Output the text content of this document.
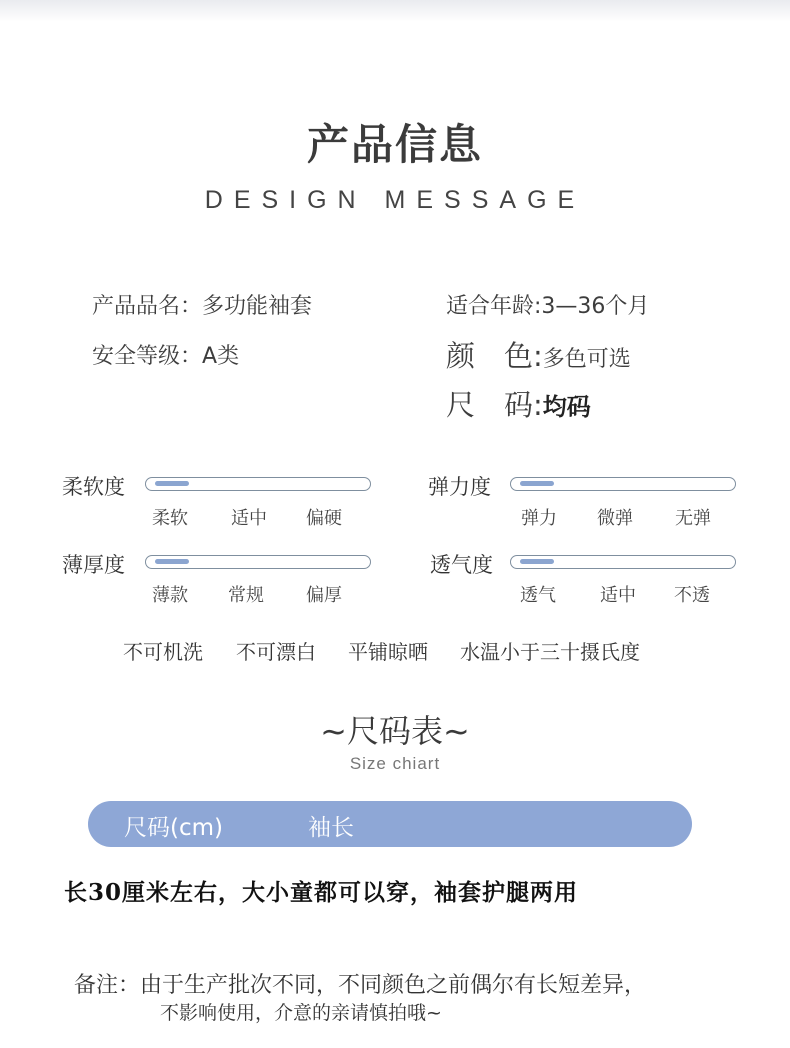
产品信息
DESIGN MESSAGE
产品品名：多功能袖套
安全等级：A类
适合年龄:3—36个月
颜　色:多色可选
尺　码:均码
柔软度
柔软 适中 偏硬
弹力度
弹力 微弹 无弹
薄厚度
薄款 常规 偏厚
透气度
透气 适中 不透
不可机洗 不可漂白 平铺晾晒 水温小于三十摄氏度
~尺码表~
Size chiart
尺码(cm)	袖长
长30厘米左右，大小童都可以穿，袖套护腿两用
备注：由于生产批次不同，不同颜色之前偶尔有长短差异，
不影响使用，介意的亲请慎拍哦~
